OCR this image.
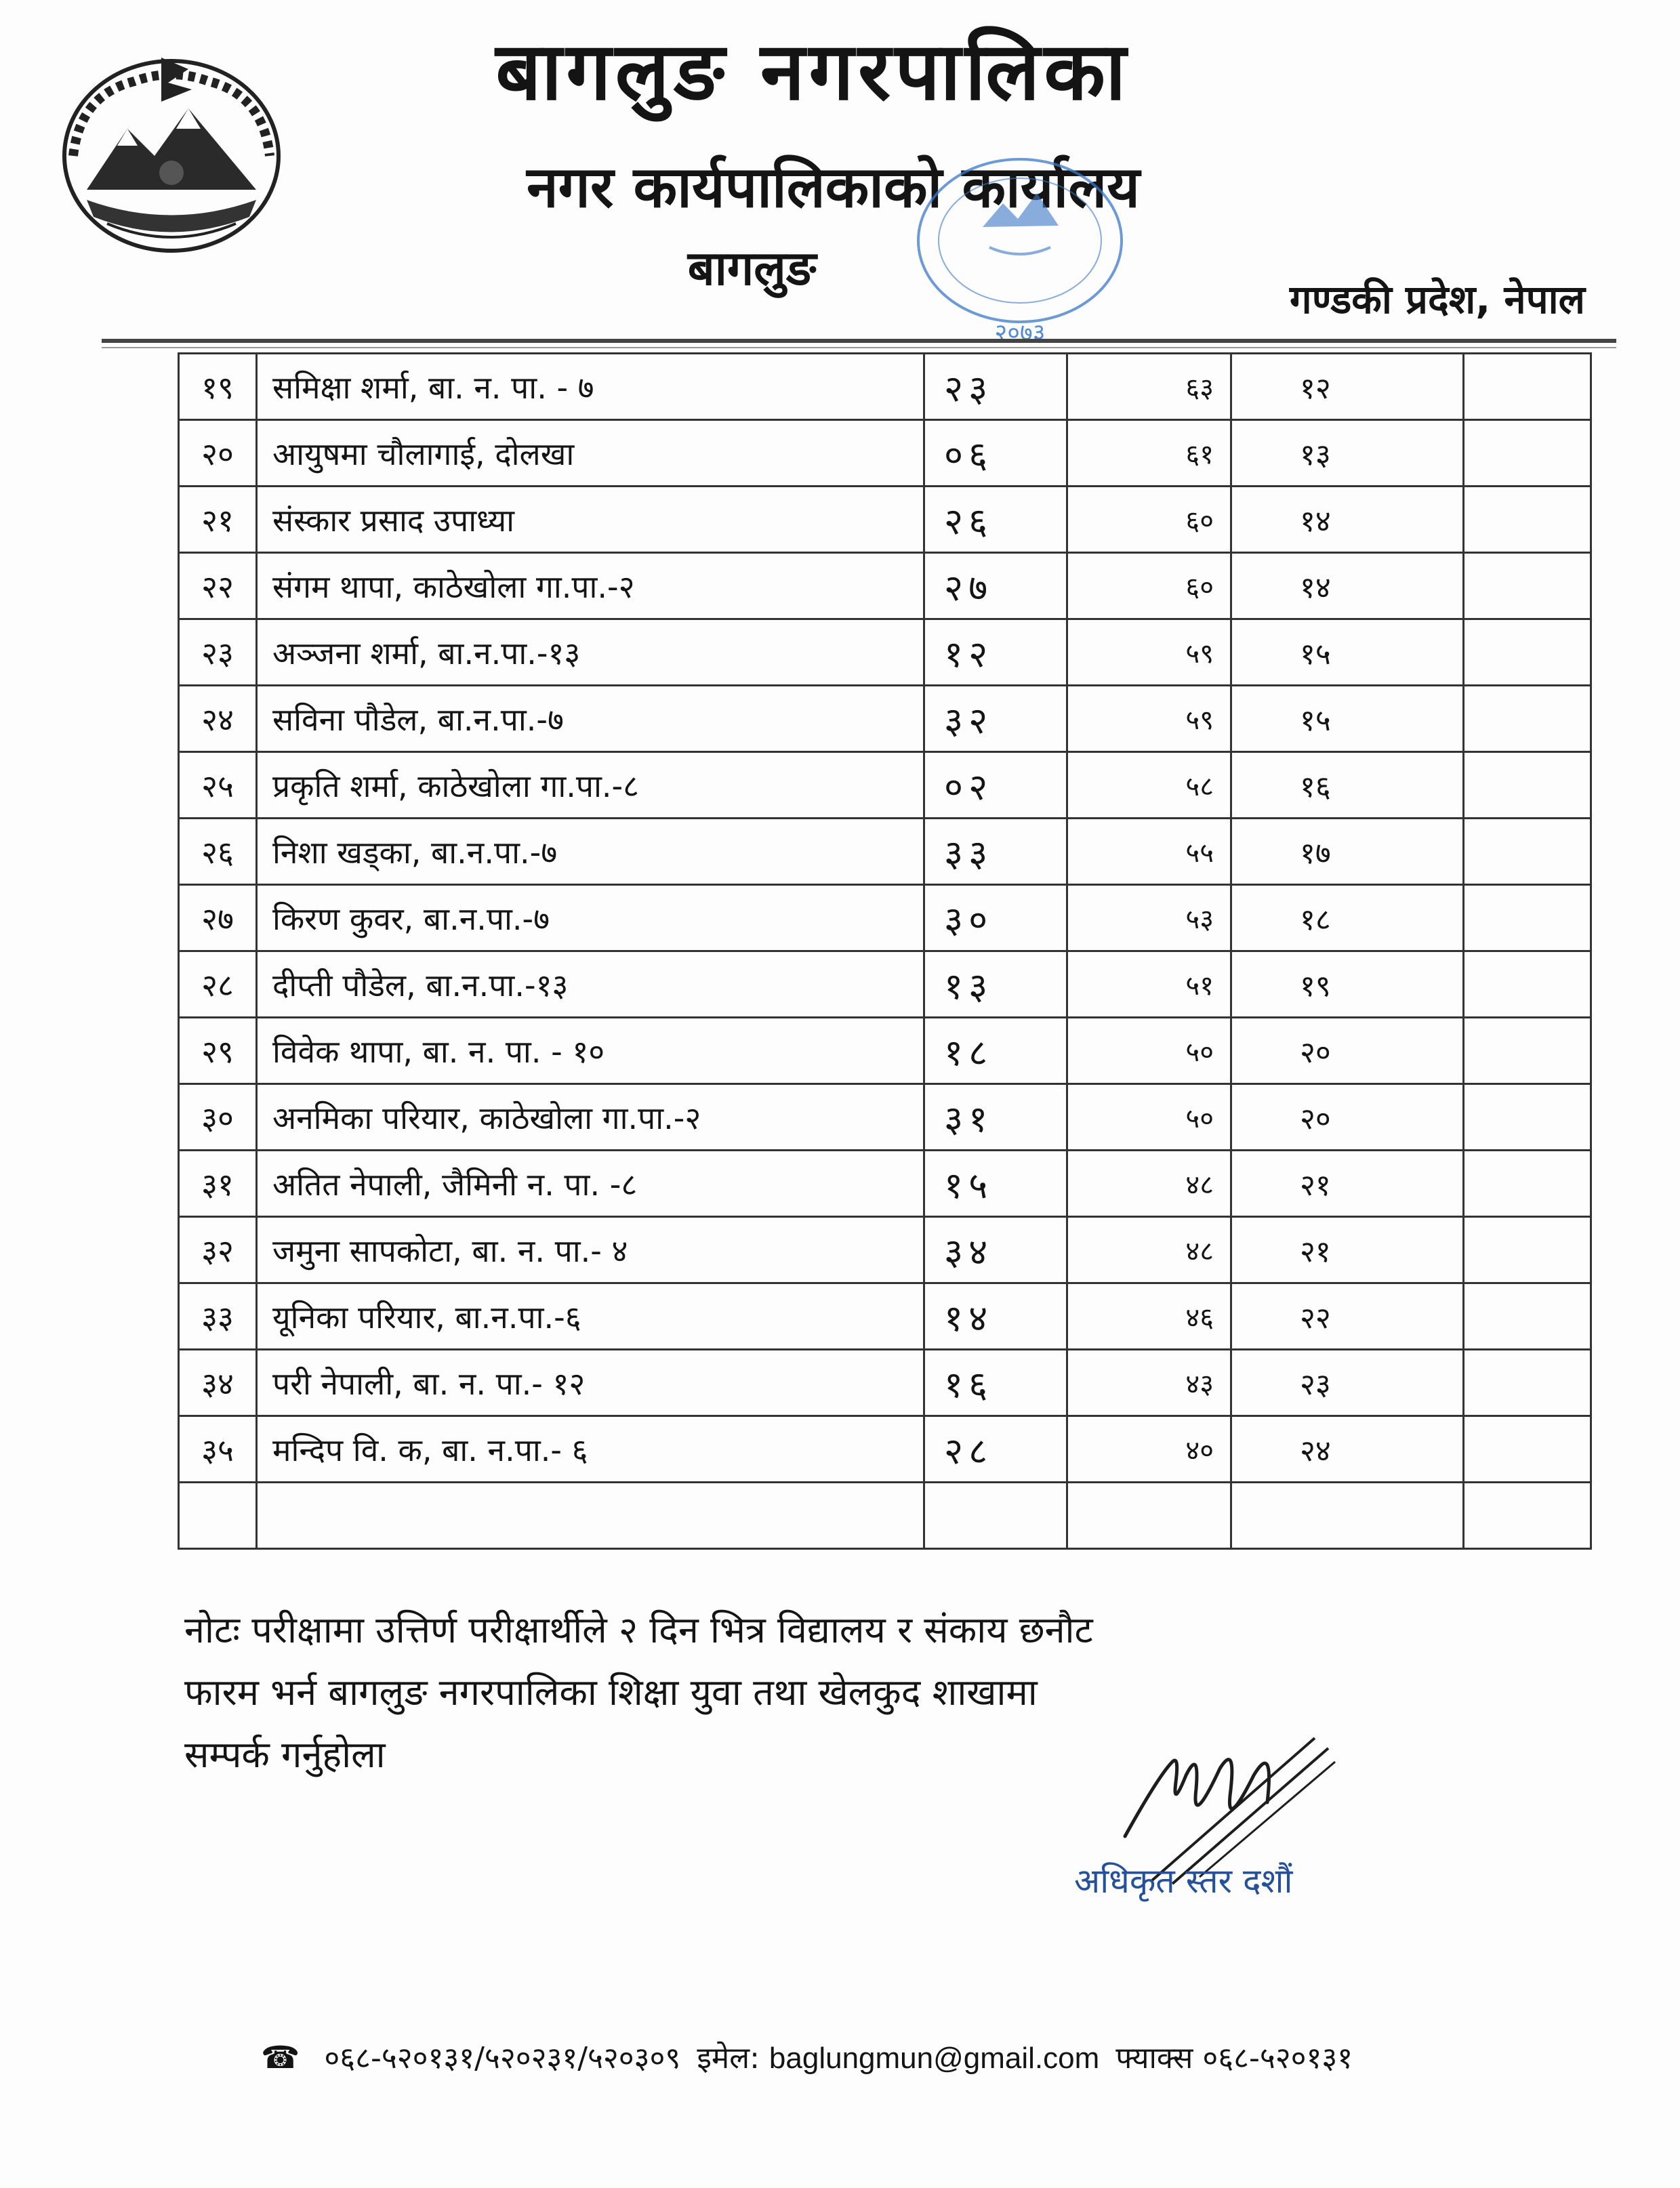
बागलुङ नगरपालिका
नगर कार्यपालिकाको कार्यालय
बागलुङ
गण्डकी प्रदेश, नेपाल
२०७३
१९	समिक्षा शर्मा, बा. न. पा. - ७	२३	६३	१२	
२०	आयुषमा चौलागाई, दोलखा	०६	६१	१३	
२१	संस्कार प्रसाद उपाध्या	२६	६०	१४	
२२	संगम थापा, काठेखोला गा.पा.-२	२७	६०	१४	
२३	अञ्जना शर्मा, बा.न.पा.-१३	१२	५९	१५	
२४	सविना पौडेल, बा.न.पा.-७	३२	५९	१५	
२५	प्रकृति शर्मा, काठेखोला गा.पा.-८	०२	५८	१६	
२६	निशा खड्का, बा.न.पा.-७	३३	५५	१७	
२७	किरण कुवर, बा.न.पा.-७	३०	५३	१८	
२८	दीप्ती पौडेल, बा.न.पा.-१३	१३	५१	१९	
२९	विवेक थापा, बा. न. पा. - १०	१८	५०	२०	
३०	अनमिका परियार, काठेखोला गा.पा.-२	३१	५०	२०	
३१	अतित नेपाली, जैमिनी न. पा. -८	१५	४८	२१	
३२	जमुना सापकोटा, बा. न. पा.- ४	३४	४८	२१	
३३	यूनिका परियार, बा.न.पा.-६	१४	४६	२२	
३४	परी नेपाली, बा. न. पा.- १२	१६	४३	२३	
३५	मन्दिप वि. क, बा. न.पा.- ६	२८	४०	२४	

नोटः परीक्षामा उत्तिर्ण परीक्षार्थीले २ दिन भित्र विद्यालय र संकाय छनौट
फारम भर्न बागलुङ नगरपालिका शिक्षा युवा तथा खेलकुद शाखामा
सम्पर्क गर्नुहोला
अधिकृत स्तर दशौं
☎ ०६८-५२०१३१/५२०२३१/५२०३०९ इमेल: baglungmun@gmail.com फ्याक्स ०६८-५२०१३१
